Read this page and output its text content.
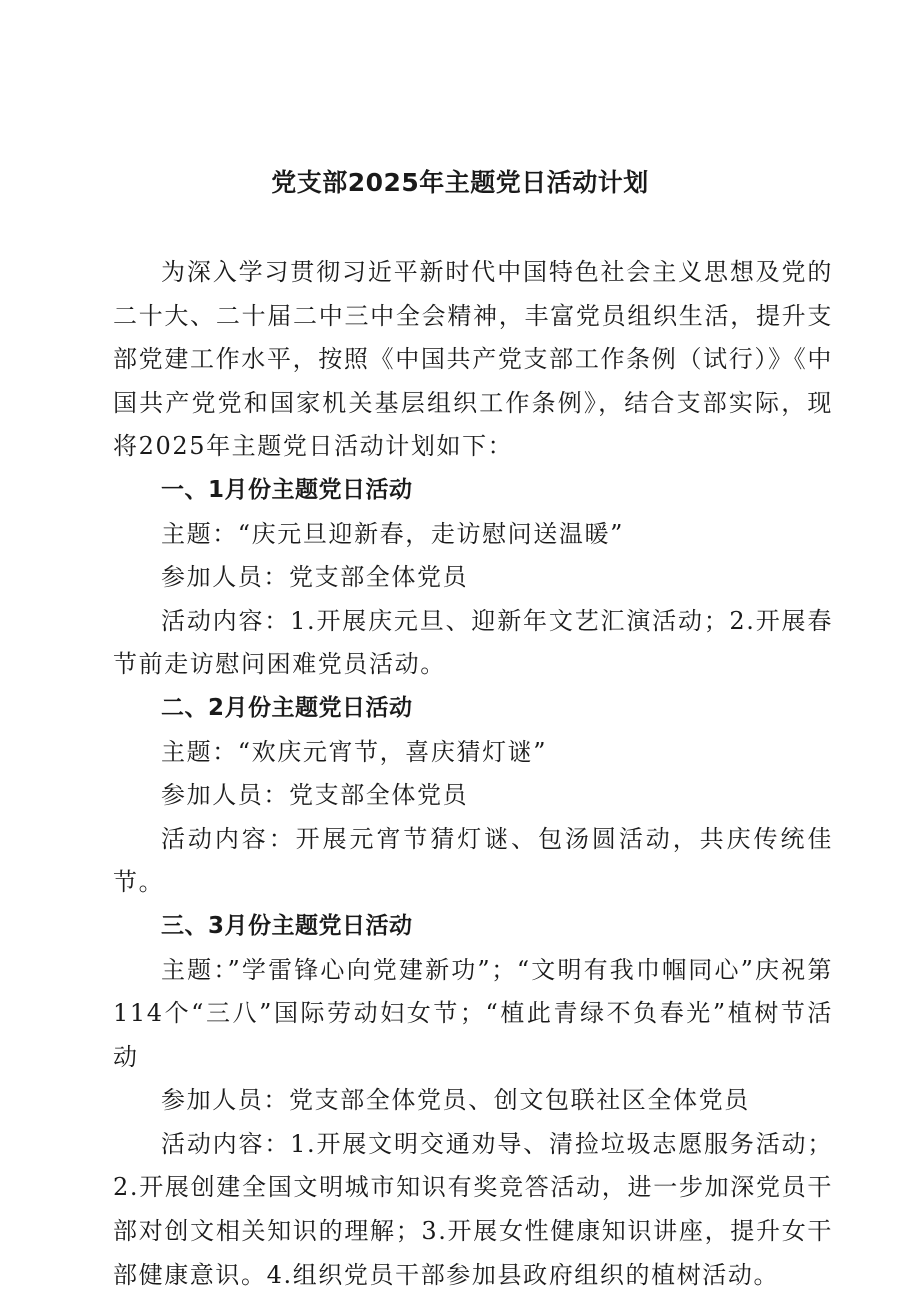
党支部2025年主题党日活动计划

为深入学习贯彻习近平新时代中国特色社会主义思想及党的二十大、二十届二中三中全会精神，丰富党员组织生活，提升支部党建工作水平，按照《中国共产党支部工作条例（试行）》《中国共产党党和国家机关基层组织工作条例》，结合支部实际，现将2025年主题党日活动计划如下：

一、1月份主题党日活动

主题：“庆元旦迎新春，走访慰问送温暖”

参加人员：党支部全体党员

活动内容：1.开展庆元旦、迎新年文艺汇演活动；2.开展春节前走访慰问困难党员活动。

二、2月份主题党日活动

主题：“欢庆元宵节，喜庆猜灯谜”

参加人员：党支部全体党员

活动内容：开展元宵节猜灯谜、包汤圆活动，共庆传统佳节。

三、3月份主题党日活动

主题：”学雷锋心向党建新功”；“文明有我巾帼同心”庆祝第114个“三八”国际劳动妇女节；“植此青绿不负春光”植树节活动

参加人员：党支部全体党员、创文包联社区全体党员

活动内容：1.开展文明交通劝导、清捡垃圾志愿服务活动；2.开展创建全国文明城市知识有奖竞答活动，进一步加深党员干部对创文相关知识的理解；3.开展女性健康知识讲座，提升女干部健康意识。4.组织党员干部参加县政府组织的植树活动。
